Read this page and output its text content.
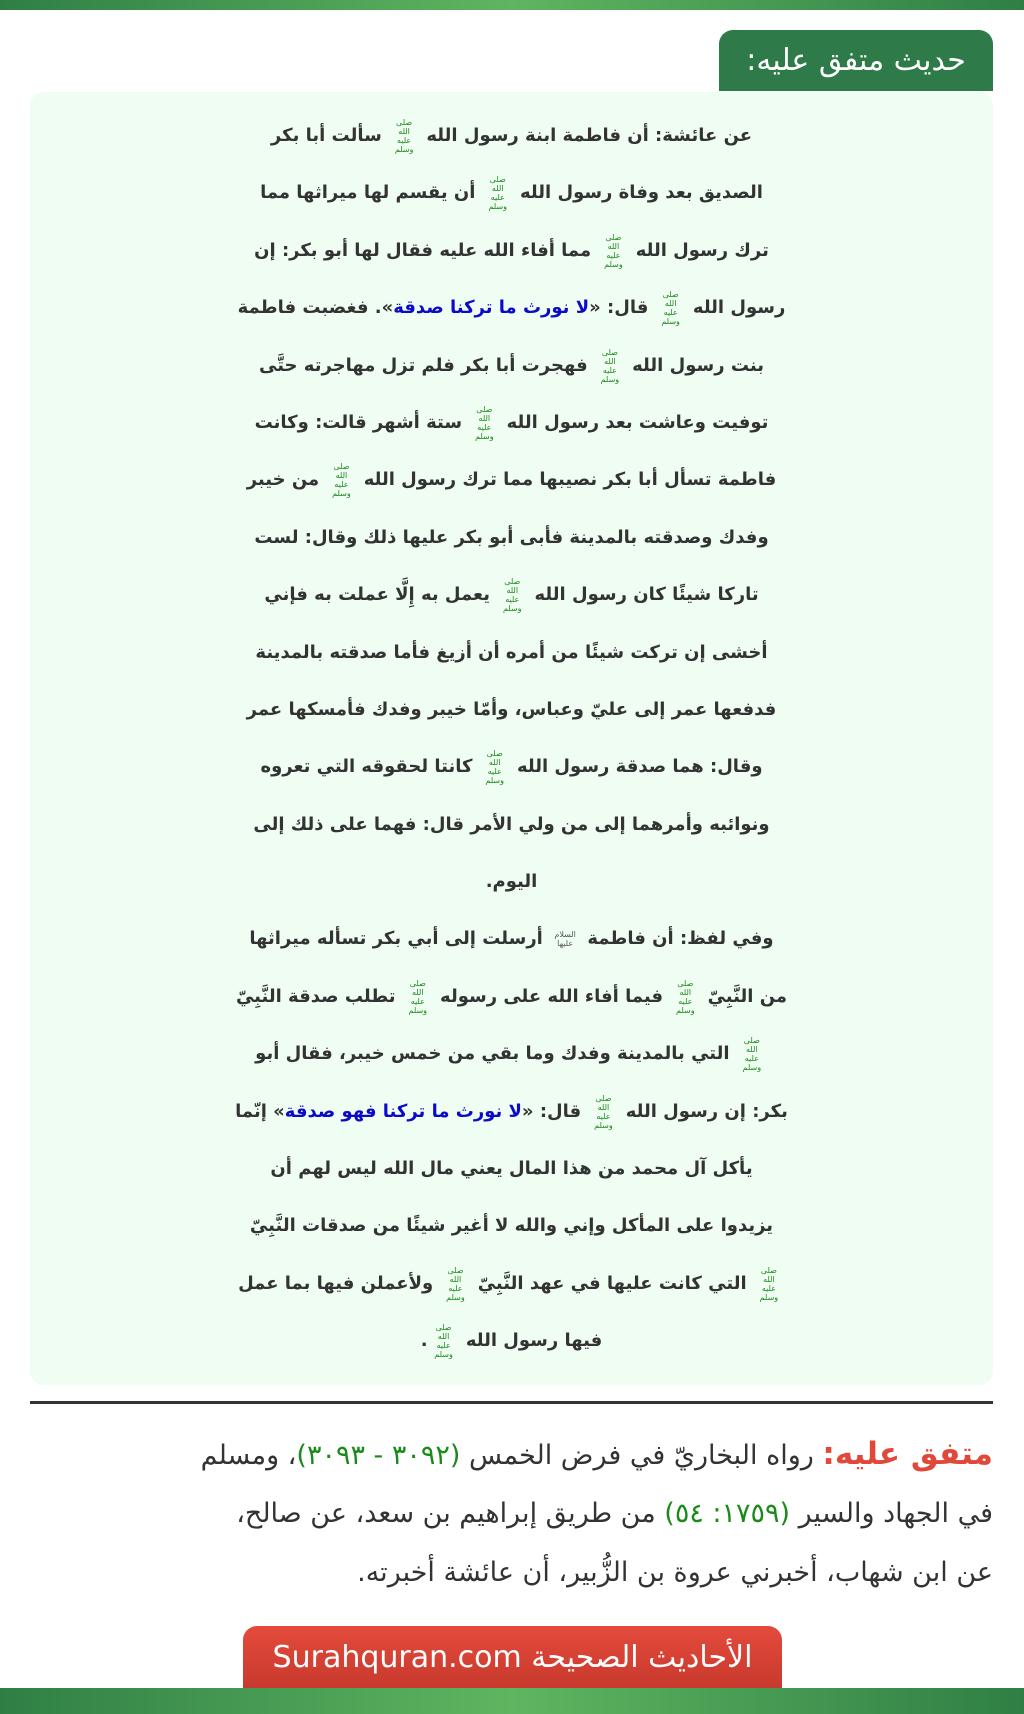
حديث متفق عليه:
عن عائشة: أن فاطمة ابنة رسول الله
صلى الله
عليه وسلم
سألت أبا بكر
الصديق بعد وفاة رسول الله
صلى الله
عليه وسلم
أن يقسم لها ميراثها مما
ترك رسول الله
صلى الله
عليه وسلم
مما أفاء الله عليه فقال لها أبو بكر: إن
رسول الله
صلى الله
عليه وسلم
قال: «لا نورث ما تركنا صدقة». فغضبت فاطمة
بنت رسول الله
صلى الله
عليه وسلم
فهجرت أبا بكر فلم تزل مهاجرته حتَّى
توفيت وعاشت بعد رسول الله
صلى الله
عليه وسلم
ستة أشهر قالت: وكانت
فاطمة تسأل أبا بكر نصيبها مما ترك رسول الله
صلى الله
عليه وسلم
من خيبر
وفدك وصدقته بالمدينة فأبى أبو بكر عليها ذلك وقال: لست
تاركا شيئًا كان رسول الله
صلى الله
عليه وسلم
يعمل به إِلَّا عملت به فإني
أخشى إن تركت شيئًا من أمره أن أزيغ فأما صدقته بالمدينة
فدفعها عمر إلى عليّ وعباس، وأمّا خيبر وفدك فأمسكها عمر
وقال: هما صدقة رسول الله
صلى الله
عليه وسلم
كانتا لحقوقه التي تعروه
ونوائبه وأمرهما إلى من ولي الأمر قال: فهما على ذلك إلى
اليوم.
وفي لفظ: أن فاطمة
السلام
عليها
أرسلت إلى أبي بكر تسأله ميراثها
من النَّبِيّ
صلى الله
عليه وسلم
فيما أفاء الله على رسوله
صلى الله
عليه وسلم
تطلب صدقة النَّبِيّ
صلى الله
عليه وسلم
التي بالمدينة وفدك وما بقي من خمس خيبر، فقال أبو
بكر: إن رسول الله
صلى الله
عليه وسلم
قال: «لا نورث ما تركنا فهو صدقة» إنّما
يأكل آل محمد من هذا المال يعني مال الله ليس لهم أن
يزيدوا على المأكل وإني والله لا أغير شيئًا من صدقات النَّبِيّ
صلى الله
عليه وسلم
التي كانت عليها في عهد النَّبِيّ
صلى الله
عليه وسلم
ولأعملن فيها بما عمل
فيها رسول الله
صلى الله
عليه وسلم
.
متفق عليه: رواه البخاريّ في فرض الخمس (٣٠٩٢ - ٣٠٩٣)، ومسلم
في الجهاد والسير (١٧٥٩: ٥٤) من طريق إبراهيم بن سعد، عن صالح،
عن ابن شهاب، أخبرني عروة بن الزُّبير، أن عائشة أخبرته.
الأحاديث الصحيحة Surahquran.com
